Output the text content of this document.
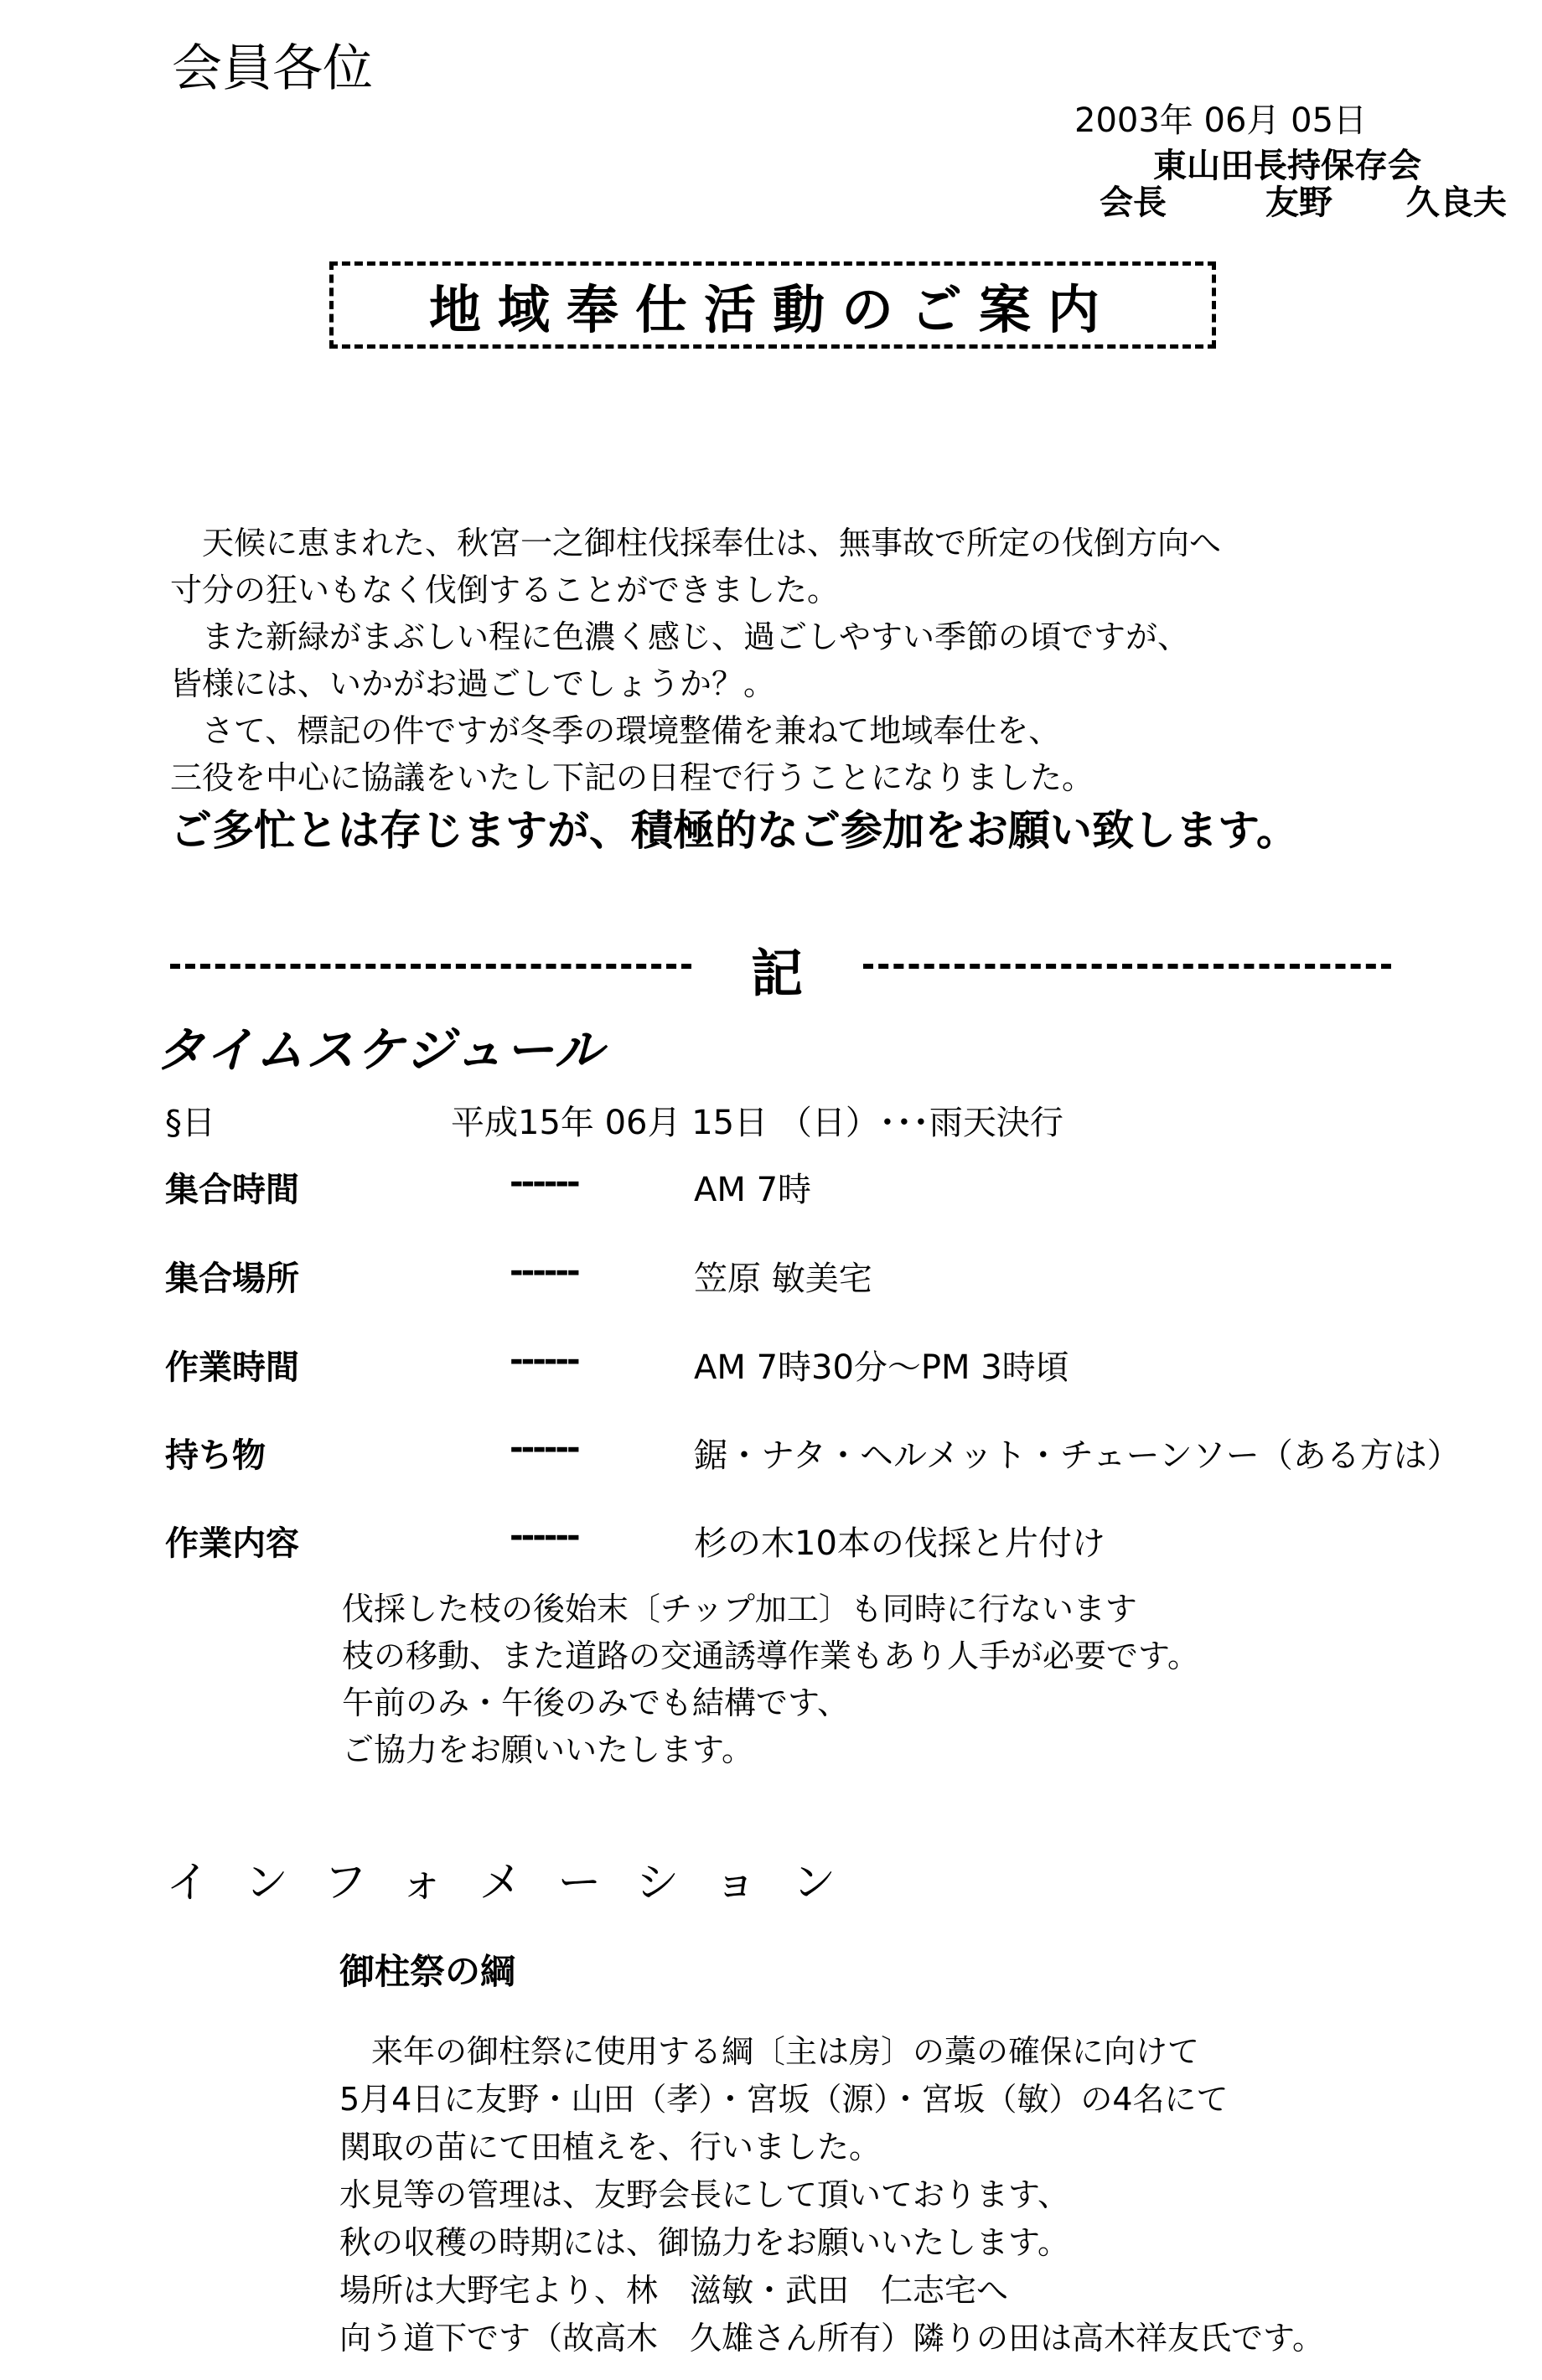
会員各位
2003年 06月 05日
東山田長持保存会
会長	友野 久良夫
地域奉仕活動のご案内
　天候に恵まれた、秋宮一之御柱伐採奉仕は、無事故で所定の伐倒方向へ
寸分の狂いもなく伐倒することができました。
　また新緑がまぶしい程に色濃く感じ、過ごしやすい季節の頃ですが、
皆様には、いかがお過ごしでしょうか？。
　さて、標記の件ですが冬季の環境整備を兼ねて地域奉仕を、
三役を中心に協議をいたし下記の日程で行うことになりました。
ご多忙とは存じますが、積極的なご参加をお願い致します。
記
タイムスケジュール
§日	平成15年 06月 15日 （日）･･･雨天決行
集合時間	------	AM 7時
集合場所	------	笠原 敏美宅
作業時間	------	AM 7時30分～PM 3時頃
持ち物	------	鋸・ナタ・ヘルメット・チェーンソー（ある方は）
作業内容	------	杉の木10本の伐採と片付け
伐採した枝の後始末〔チップ加工〕も同時に行ないます
枝の移動、また道路の交通誘導作業もあり人手が必要です。
午前のみ・午後のみでも結構です、
ご協力をお願いいたします。
インフォメーション
御柱祭の綱
　来年の御柱祭に使用する綱〔主は房〕の藁の確保に向けて
5月4日に友野・山田（孝）・宮坂（源）・宮坂（敏）の4名にて
関取の苗にて田植えを、行いました。
水見等の管理は、友野会長にして頂いております、
秋の収穫の時期には、御協力をお願いいたします。
場所は大野宅より、林　滋敏・武田　仁志宅へ
向う道下です（故高木　久雄さん所有）隣りの田は高木祥友氏です。
